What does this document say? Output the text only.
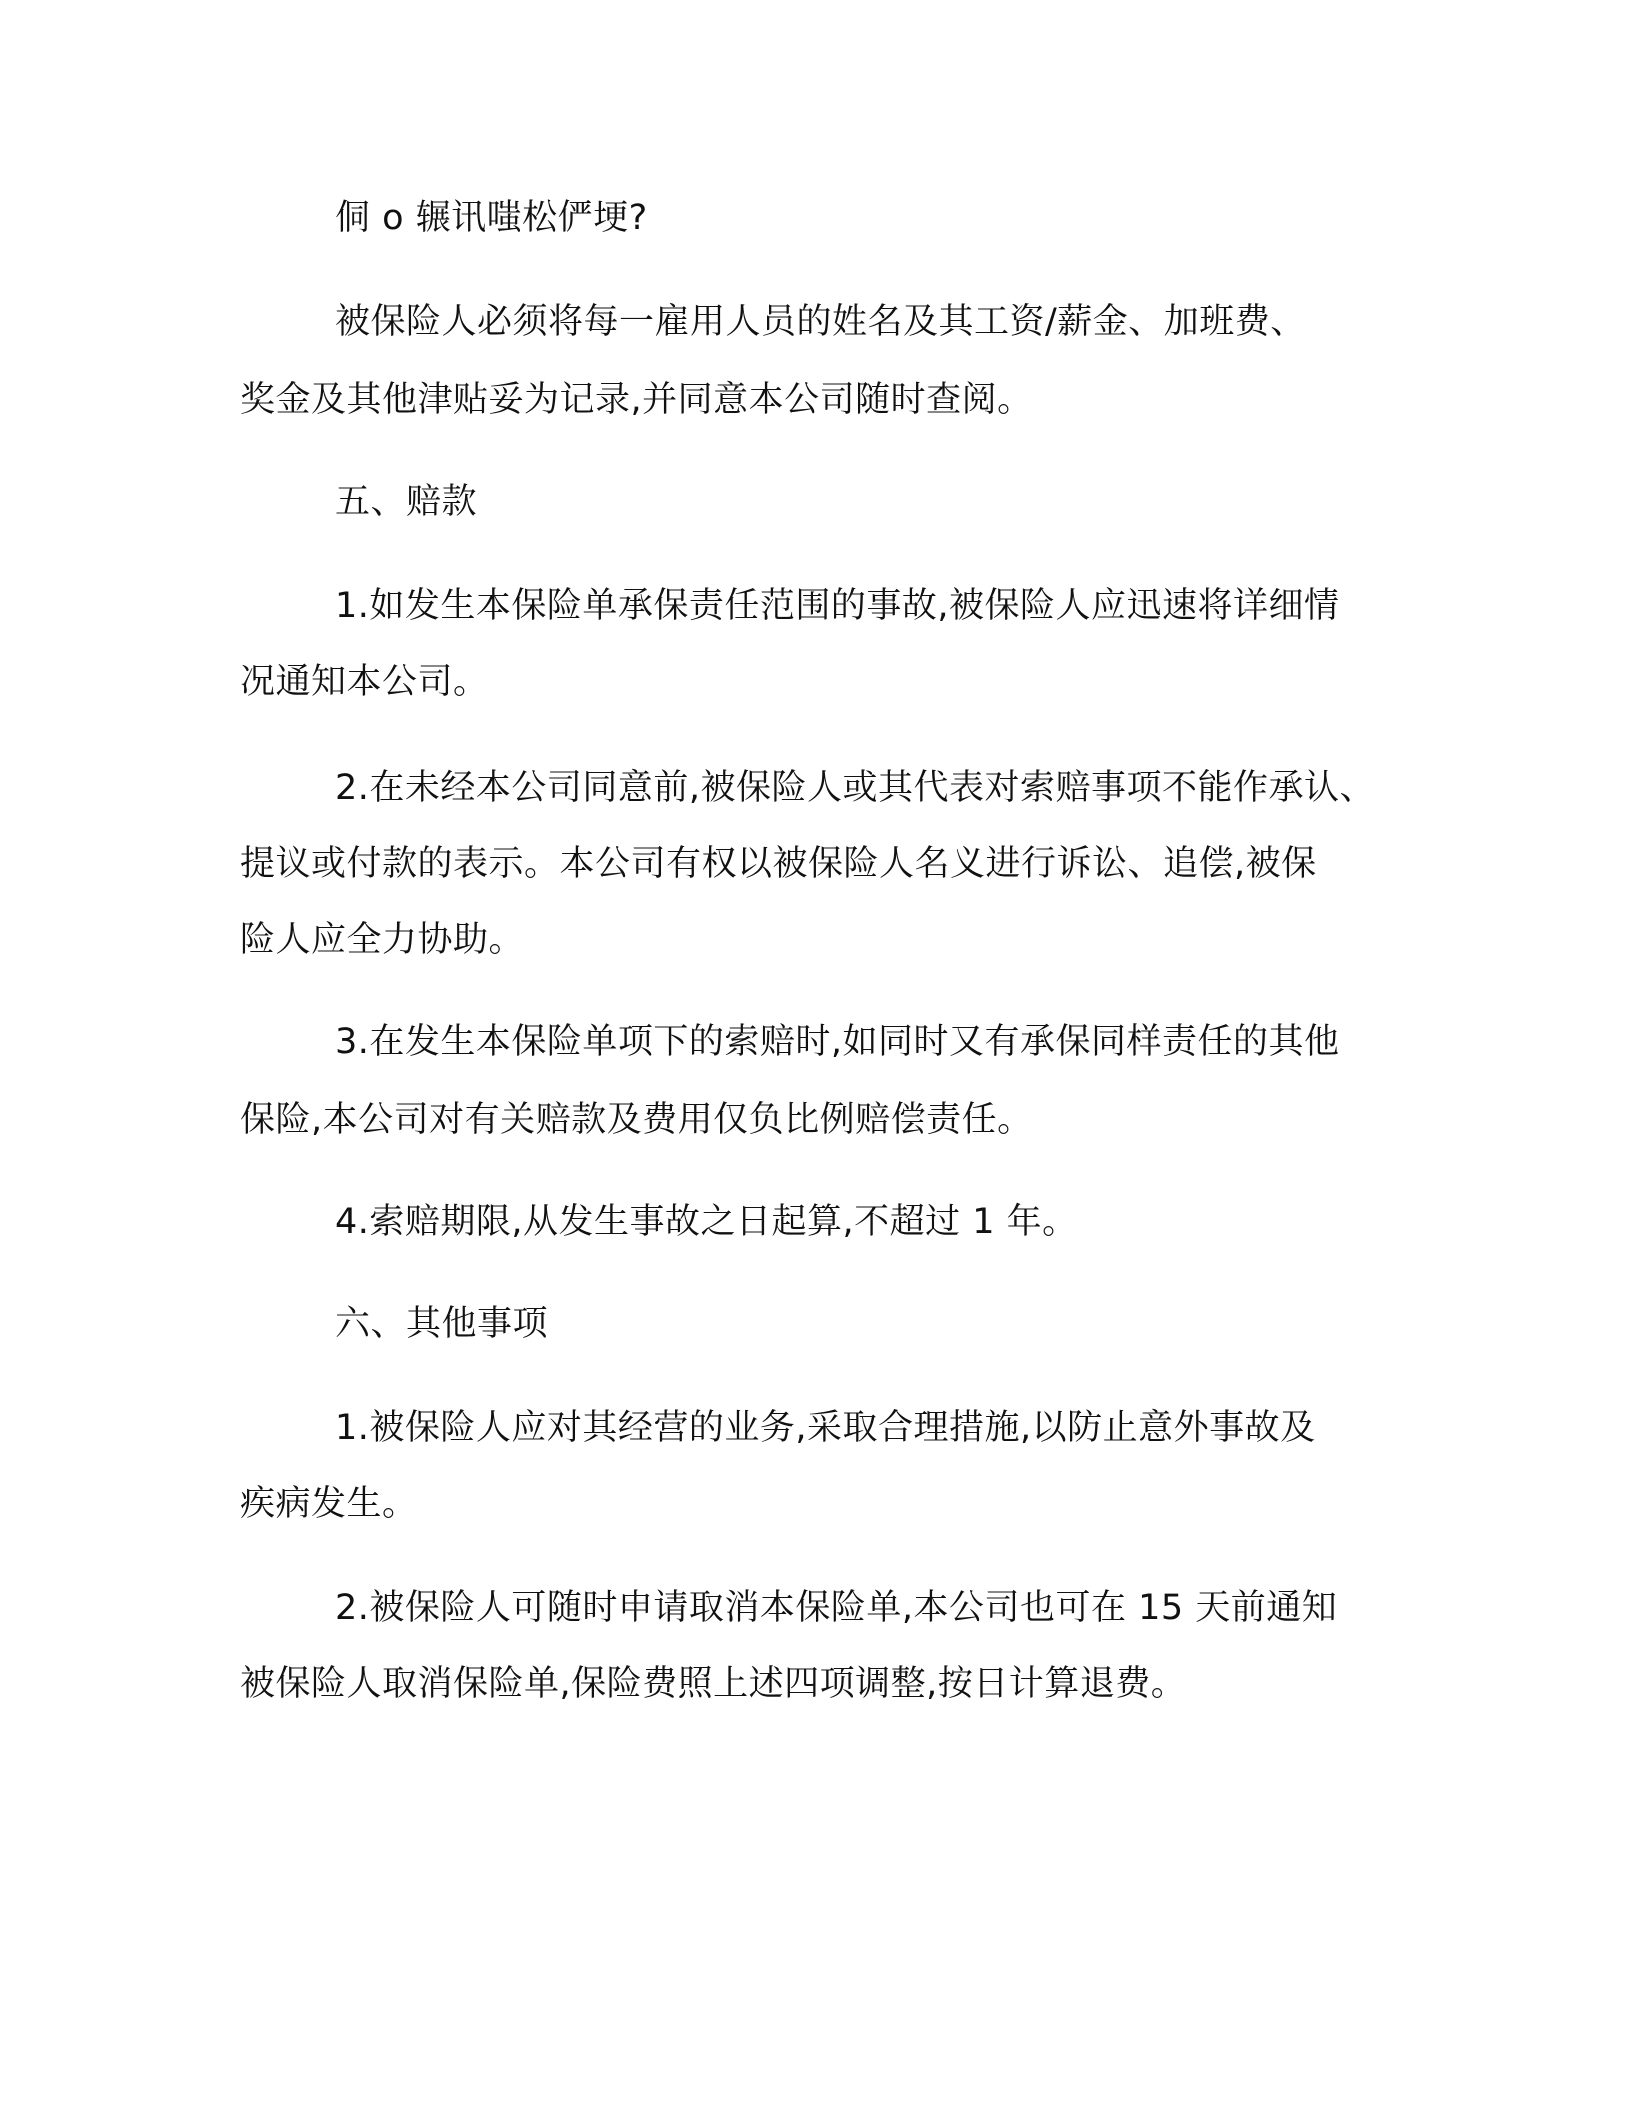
侗 o 辗讯嗤松俨埂?
被保险人必须将每一雇用人员的姓名及其工资/薪金、加班费、
奖金及其他津贴妥为记录,并同意本公司随时查阅。
五、赔款
1.如发生本保险单承保责任范围的事故,被保险人应迅速将详细情
况通知本公司。
2.在未经本公司同意前,被保险人或其代表对索赔事项不能作承认、
提议或付款的表示。本公司有权以被保险人名义进行诉讼、追偿,被保
险人应全力协助。
3.在发生本保险单项下的索赔时,如同时又有承保同样责任的其他
保险,本公司对有关赔款及费用仅负比例赔偿责任。
4.索赔期限,从发生事故之日起算,不超过 1 年。
六、其他事项
1.被保险人应对其经营的业务,采取合理措施,以防止意外事故及
疾病发生。
2.被保险人可随时申请取消本保险单,本公司也可在 15 天前通知
被保险人取消保险单,保险费照上述四项调整,按日计算退费。
